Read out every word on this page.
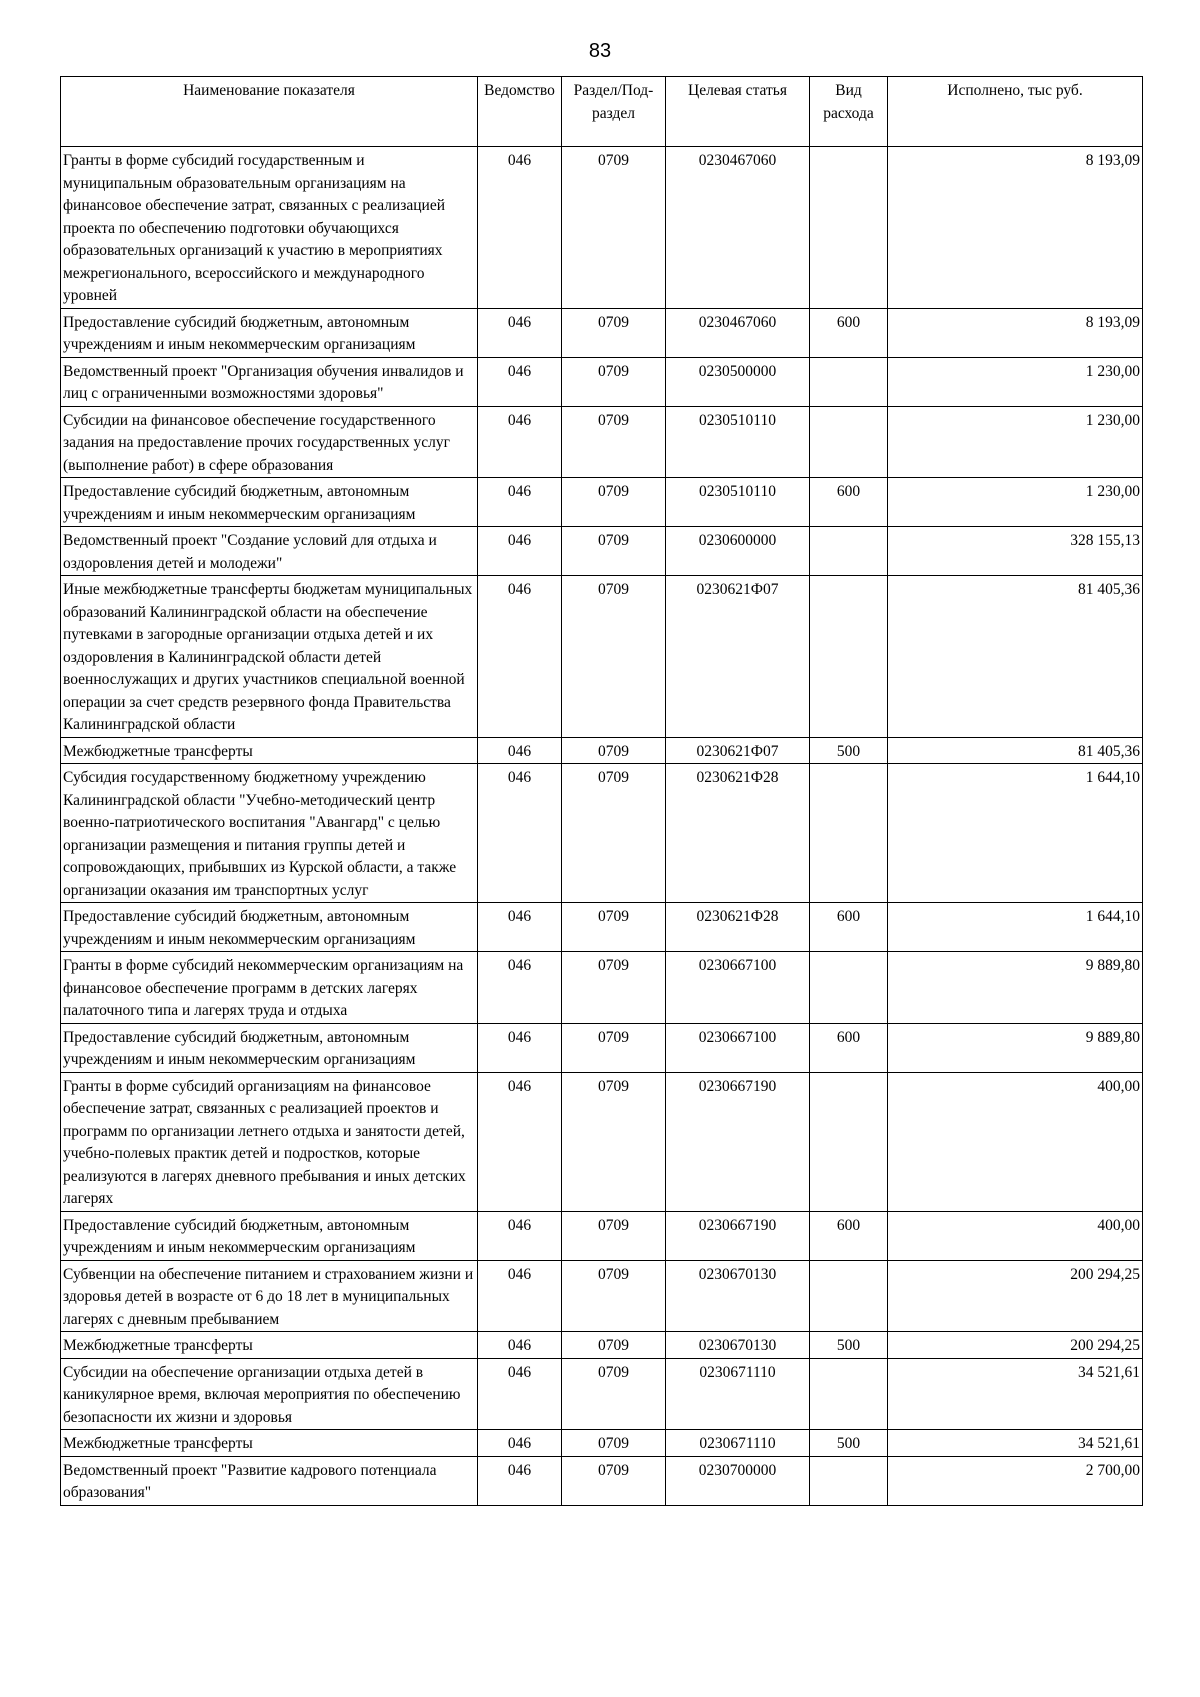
83
Наименование показателя	Ведомство	Раздел/Под-раздел	Целевая статья	Вид расхода	Исполнено, тыс руб.
Гранты в форме субсидий государственным и муниципальным образовательным организациям на финансовое обеспечение затрат, связанных с реализацией проекта по обеспечению подготовки обучающихся образовательных организаций к участию в мероприятиях межрегионального, всероссийского и международного уровней	046	0709	0230467060		8 193,09
Предоставление субсидий бюджетным, автономным учреждениям и иным некоммерческим организациям	046	0709	0230467060	600	8 193,09
Ведомственный проект "Организация обучения инвалидов и лиц с ограниченными возможностями здоровья"	046	0709	0230500000		1 230,00
Субсидии на финансовое обеспечение государственного задания на предоставление прочих государственных услуг (выполнение работ) в сфере образования	046	0709	0230510110		1 230,00
Предоставление субсидий бюджетным, автономным учреждениям и иным некоммерческим организациям	046	0709	0230510110	600	1 230,00
Ведомственный проект "Создание условий для отдыха и оздоровления детей и молодежи"	046	0709	0230600000		328 155,13
Иные межбюджетные трансферты бюджетам муниципальных образований Калининградской области на обеспечение путевками в загородные организации отдыха детей и их оздоровления в Калининградской области детей военнослужащих и других участников специальной военной операции за счет средств резервного фонда Правительства Калининградской области	046	0709	0230621Ф07		81 405,36
Межбюджетные трансферты	046	0709	0230621Ф07	500	81 405,36
Субсидия государственному бюджетному учреждению Калининградской области "Учебно-методический центр военно-патриотического воспитания "Авангард" с целью организации размещения и питания группы детей и сопровождающих, прибывших из Курской области, а также организации оказания им транспортных услуг	046	0709	0230621Ф28		1 644,10
Предоставление субсидий бюджетным, автономным учреждениям и иным некоммерческим организациям	046	0709	0230621Ф28	600	1 644,10
Гранты в форме субсидий некоммерческим организациям на финансовое обеспечение программ в детских лагерях палаточного типа и лагерях труда и отдыха	046	0709	0230667100		9 889,80
Предоставление субсидий бюджетным, автономным учреждениям и иным некоммерческим организациям	046	0709	0230667100	600	9 889,80
Гранты в форме субсидий организациям на финансовое обеспечение затрат, связанных с реализацией проектов и программ по организации летнего отдыха и занятости детей, учебно-полевых практик детей и подростков, которые реализуются в лагерях дневного пребывания и иных детских лагерях	046	0709	0230667190		400,00
Предоставление субсидий бюджетным, автономным учреждениям и иным некоммерческим организациям	046	0709	0230667190	600	400,00
Субвенции на обеспечение питанием и страхованием жизни и здоровья детей в возрасте от 6 до 18 лет в муниципальных лагерях с дневным пребыванием	046	0709	0230670130		200 294,25
Межбюджетные трансферты	046	0709	0230670130	500	200 294,25
Субсидии на обеспечение организации отдыха детей в каникулярное время, включая мероприятия по обеспечению безопасности их жизни и здоровья	046	0709	0230671110		34 521,61
Межбюджетные трансферты	046	0709	0230671110	500	34 521,61
Ведомственный проект "Развитие кадрового потенциала образования"	046	0709	0230700000		2 700,00
